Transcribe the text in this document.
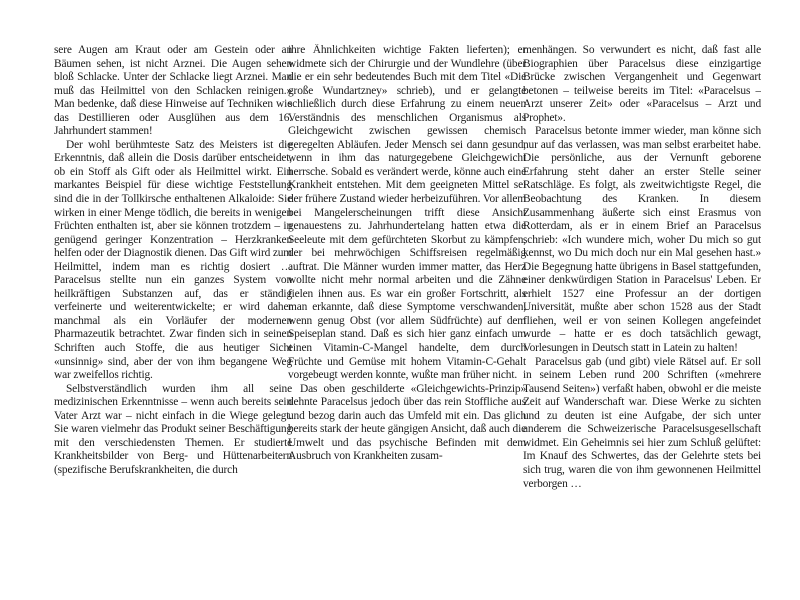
sere Augen am Kraut oder am Gestein oder an Bäumen sehen, ist nicht Arznei. Die Augen sehen bloß Schlacke. Unter der Schlacke liegt Arznei. Man muß das Heilmittel von den Schlacken reinigen.» Man bedenke, daß diese Hinweise auf Techniken wie das Destillieren oder Ausglühen aus dem 16. Jahrhundert stammen!

Der wohl berühmteste Satz des Meisters ist die Erkenntnis, daß allein die Dosis darüber entscheidet, ob ein Stoff als Gift oder als Heilmittel wirkt. Ein markantes Beispiel für diese wichtige Feststellung sind die in der Tollkirsche enthaltenen Alkaloide: Sie wirken in einer Menge tödlich, die bereits in wenigen Früchten enthalten ist, aber sie können trotzdem – in genügend geringer Konzentration – Herzkranken helfen oder der Diagnostik dienen. Das Gift wird zum Heilmittel, indem man es richtig dosiert … Paracelsus stellte nun ein ganzes System von heilkräftigen Substanzen auf, das er ständig verfeinerte und weiterentwickelte; er wird daher manchmal als ein Vorläufer der modernen Pharmazeutik betrachtet. Zwar finden sich in seinen Schriften auch Stoffe, die aus heutiger Sicht «unsinnig» sind, aber der von ihm begangene Weg war zweifellos richtig.

Selbstverständlich wurden ihm all seine medizinischen Erkenntnisse – wenn auch bereits sein Vater Arzt war – nicht einfach in die Wiege gelegt. Sie waren vielmehr das Produkt seiner Beschäftigung mit den verschiedensten Themen. Er studierte Krankheitsbilder von Berg- und Hüttenarbeitern (spezifische Berufskrankheiten, die durch

ihre Ähnlichkeiten wichtige Fakten lieferten); er widmete sich der Chirurgie und der Wundlehre (über die er ein sehr bedeutendes Buch mit dem Titel «Die große Wundartzney» schrieb), und er gelangte schließlich durch diese Erfahrung zu einem neuen Verständnis des menschlichen Organismus als Gleichgewicht zwischen gewissen chemisch geregelten Abläufen. Jeder Mensch sei dann gesund, wenn in ihm das naturgegebene Gleichgewicht herrsche. Sobald es verändert werde, könne auch eine Krankheit entstehen. Mit dem geeigneten Mittel sei der frühere Zustand wieder herbeizuführen. Vor allem bei Mangelerscheinungen trifft diese Ansicht genauestens zu. Jahrhundertelang hatten etwa die Seeleute mit dem gefürchteten Skorbut zu kämpfen, der bei mehrwöchigen Schiffsreisen regelmäßig auftrat. Die Männer wurden immer matter, das Herz wollte nicht mehr normal arbeiten und die Zähne fielen ihnen aus. Es war ein großer Fortschritt, als man erkannte, daß diese Symptome verschwanden, wenn genug Obst (vor allem Südfrüchte) auf dem Speiseplan stand. Daß es sich hier ganz einfach um einen Vitamin-C-Mangel handelte, dem durch Früchte und Gemüse mit hohem Vitamin-C-Gehalt vorgebeugt werden konnte, wußte man früher nicht.

Das oben geschilderte «Gleichgewichts-Prinzip» dehnte Paracelsus jedoch über das rein Stoffliche aus und bezog darin auch das Umfeld mit ein. Das glich bereits stark der heute gängigen Ansicht, daß auch die Umwelt und das psychische Befinden mit dem Ausbruch von Krankheiten zusam-

menhängen. So verwundert es nicht, daß fast alle Biographien über Paracelsus diese einzigartige Brücke zwischen Vergangenheit und Gegenwart betonen – teilweise bereits im Titel: «Paracelsus – Arzt unserer Zeit» oder «Paracelsus – Arzt und Prophet».

Paracelsus betonte immer wieder, man könne sich nur auf das verlassen, was man selbst erarbeitet habe. Die persönliche, aus der Vernunft geborene Erfahrung steht daher an erster Stelle seiner Ratschläge. Es folgt, als zweitwichtigste Regel, die Beobachtung des Kranken. In diesem Zusammenhang äußerte sich einst Erasmus von Rotterdam, als er in einem Brief an Paracelsus schrieb: «Ich wundere mich, woher Du mich so gut kennst, wo Du mich doch nur ein Mal gesehen hast.» Die Begegnung hatte übrigens in Basel stattgefunden, einer denkwürdigen Station in Paracelsus' Leben. Er erhielt 1527 eine Professur an der dortigen Universität, mußte aber schon 1528 aus der Stadt fliehen, weil er von seinen Kollegen angefeindet wurde – hatte er es doch tatsächlich gewagt, Vorlesungen in Deutsch statt in Latein zu halten!

Paracelsus gab (und gibt) viele Rätsel auf. Er soll in seinem Leben rund 200 Schriften («mehrere Tausend Seiten») verfaßt haben, obwohl er die meiste Zeit auf Wanderschaft war. Diese Werke zu sichten und zu deuten ist eine Aufgabe, der sich unter anderem die Schweizerische Paracelsusgesellschaft widmet. Ein Geheimnis sei hier zum Schluß gelüftet: Im Knauf des Schwertes, das der Gelehrte stets bei sich trug, waren die von ihm gewonnenen Heilmittel verborgen …
